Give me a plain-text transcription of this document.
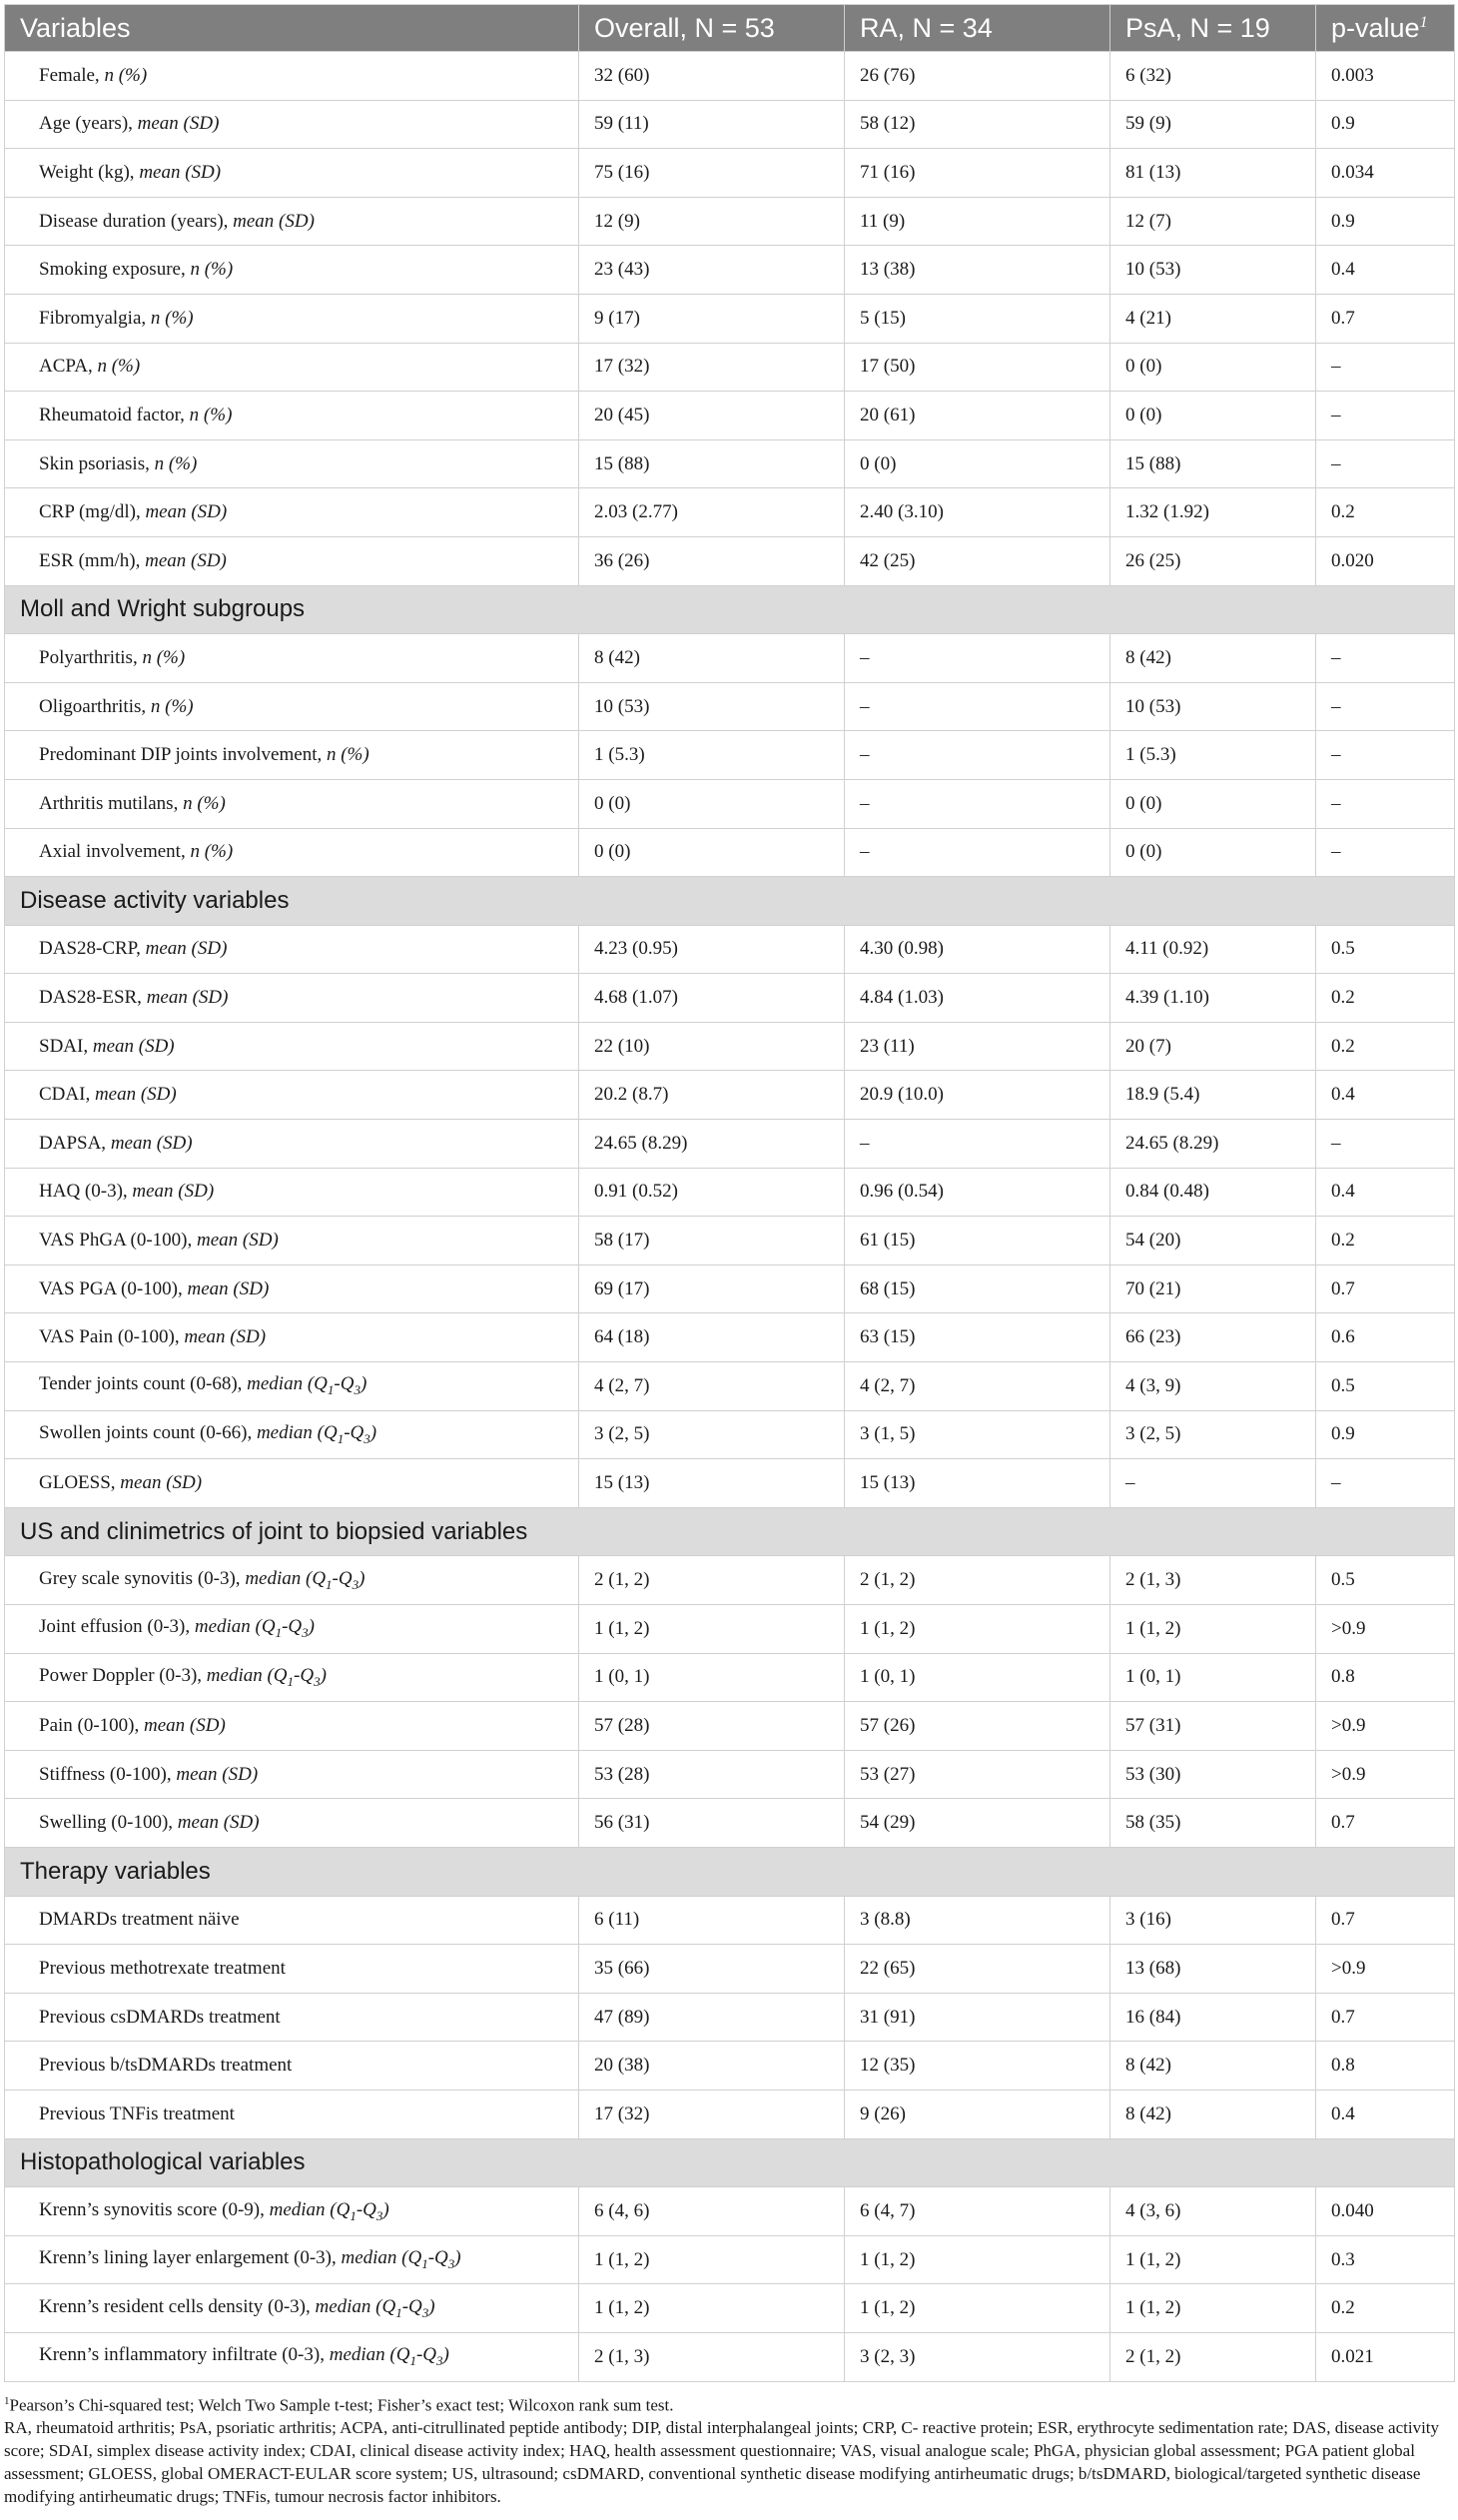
Variables	Overall, N = 53	RA, N = 34	PsA, N = 19	p-value$^1$
Female, n (%)	32 (60)	26 (76)	6 (32)	0.003
Age (years), mean (SD)	59 (11)	58 (12)	59 (9)	0.9
Weight (kg), mean (SD)	75 (16)	71 (16)	81 (13)	0.034
Disease duration (years), mean (SD)	12 (9)	11 (9)	12 (7)	0.9
Smoking exposure, n (%)	23 (43)	13 (38)	10 (53)	0.4
Fibromyalgia, n (%)	9 (17)	5 (15)	4 (21)	0.7
ACPA, n (%)	17 (32)	17 (50)	0 (0)	–
Rheumatoid factor, n (%)	20 (45)	20 (61)	0 (0)	–
Skin psoriasis, n (%)	15 (88)	0 (0)	15 (88)	–
CRP (mg/dl), mean (SD)	2.03 (2.77)	2.40 (3.10)	1.32 (1.92)	0.2
ESR (mm/h), mean (SD)	36 (26)	42 (25)	26 (25)	0.020
Moll and Wright subgroups				
Polyarthritis, n (%)	8 (42)	–	8 (42)	–
Oligoarthritis, n (%)	10 (53)	–	10 (53)	–
Predominant DIP joints involvement, n (%)	1 (5.3)	–	1 (5.3)	–
Arthritis mutilans, n (%)	0 (0)	–	0 (0)	–
Axial involvement, n (%)	0 (0)	–	0 (0)	–
Disease activity variables				
DAS28-CRP, mean (SD)	4.23 (0.95)	4.30 (0.98)	4.11 (0.92)	0.5
DAS28-ESR, mean (SD)	4.68 (1.07)	4.84 (1.03)	4.39 (1.10)	0.2
SDAI, mean (SD)	22 (10)	23 (11)	20 (7)	0.2
CDAI, mean (SD)	20.2 (8.7)	20.9 (10.0)	18.9 (5.4)	0.4
DAPSA, mean (SD)	24.65 (8.29)	–	24.65 (8.29)	–
HAQ (0-3), mean (SD)	0.91 (0.52)	0.96 (0.54)	0.84 (0.48)	0.4
VAS PhGA (0-100), mean (SD)	58 (17)	61 (15)	54 (20)	0.2
VAS PGA (0-100), mean (SD)	69 (17)	68 (15)	70 (21)	0.7
VAS Pain (0-100), mean (SD)	64 (18)	63 (15)	66 (23)	0.6
Tender joints count (0-68), median $(Q_1-Q_3)$	4 (2, 7)	4 (2, 7)	4 (3, 9)	0.5
Swollen joints count (0-66), median $(Q_1-Q_3)$	3 (2, 5)	3 (1, 5)	3 (2, 5)	0.9
GLOESS, mean (SD)	15 (13)	15 (13)	–	–
US and clinimetrics of joint to biopsied variables				
Grey scale synovitis (0-3), median $(Q_1-Q_3)$	2 (1, 2)	2 (1, 2)	2 (1, 3)	0.5
Joint effusion (0-3), median $(Q_1-Q_3)$	1 (1, 2)	1 (1, 2)	1 (1, 2)	>0.9
Power Doppler (0-3), median $(Q_1-Q_3)$	1 (0, 1)	1 (0, 1)	1 (0, 1)	0.8
Pain (0-100), mean (SD)	57 (28)	57 (26)	57 (31)	>0.9
Stiffness (0-100), mean (SD)	53 (28)	53 (27)	53 (30)	>0.9
Swelling (0-100), mean (SD)	56 (31)	54 (29)	58 (35)	0.7
Therapy variables				
DMARDs treatment näive	6 (11)	3 (8.8)	3 (16)	0.7
Previous methotrexate treatment	35 (66)	22 (65)	13 (68)	>0.9
Previous csDMARDs treatment	47 (89)	31 (91)	16 (84)	0.7
Previous b/tsDMARDs treatment	20 (38)	12 (35)	8 (42)	0.8
Previous TNFis treatment	17 (32)	9 (26)	8 (42)	0.4
Histopathological variables				
Krenn’s synovitis score (0-9), median $(Q_1-Q_3)$	6 (4, 6)	6 (4, 7)	4 (3, 6)	0.040
Krenn’s lining layer enlargement (0-3), median $(Q_1-Q_3)$	1 (1, 2)	1 (1, 2)	1 (1, 2)	0.3
Krenn’s resident cells density (0-3), median $(Q_1-Q_3)$	1 (1, 2)	1 (1, 2)	1 (1, 2)	0.2
Krenn’s inflammatory infiltrate (0-3), median $(Q_1-Q_3)$	2 (1, 3)	3 (2, 3)	2 (1, 2)	0.021

$^1$Pearson’s Chi-squared test; Welch Two Sample t-test; Fisher’s exact test; Wilcoxon rank sum test.

RA, rheumatoid arthritis; PsA, psoriatic arthritis; ACPA, anti-citrullinated peptide antibody; DIP, distal interphalangeal joints; CRP, C- reactive protein; ESR, erythrocyte sedimentation rate; DAS, disease activity score; SDAI, simplex disease activity index; CDAI, clinical disease activity index; HAQ, health assessment questionnaire; VAS, visual analogue scale; PhGA, physician global assessment; PGA patient global assessment; GLOESS, global OMERACT-EULAR score system; US, ultrasound; csDMARD, conventional synthetic disease modifying antirheumatic drugs; b/tsDMARD, biological/targeted synthetic disease modifying antirheumatic drugs; TNFis, tumour necrosis factor inhibitors.
